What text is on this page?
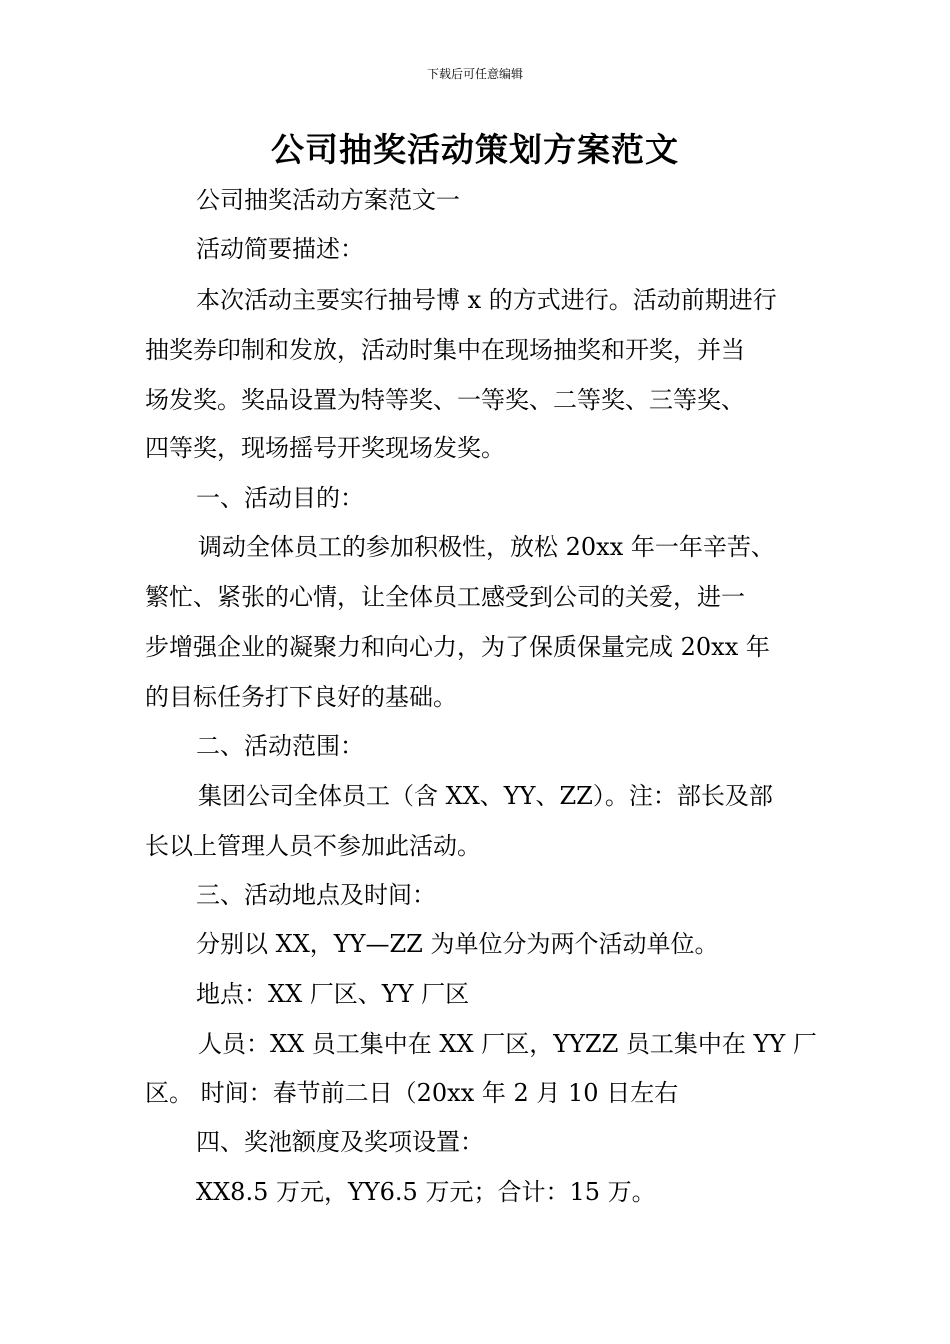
下载后可任意编辑
公司抽奖活动策划方案范文

公司抽奖活动方案范文一

活动简要描述：

本次活动主要实行抽号博 x 的方式进行。活动前期进行

抽奖券印制和发放，活动时集中在现场抽奖和开奖，并当

场发奖。奖品设置为特等奖、一等奖、二等奖、三等奖、

四等奖，现场摇号开奖现场发奖。

一、活动目的：

调动全体员工的参加积极性，放松 20xx 年一年辛苦、

繁忙、紧张的心情，让全体员工感受到公司的关爱，进一

步增强企业的凝聚力和向心力，为了保质保量完成 20xx 年

的目标任务打下良好的基础。

二、活动范围：

集团公司全体员工（含 XX、YY、ZZ）。注：部长及部

长以上管理人员不参加此活动。

三、活动地点及时间：

分别以 XX，YY—ZZ 为单位分为两个活动单位。

地点：XX 厂区、YY 厂区

人员：XX 员工集中在 XX 厂区，YYZZ 员工集中在 YY 厂

区。 时间：春节前二日（20xx 年 2 月 10 日左右

四、奖池额度及奖项设置：

XX8.5 万元，YY6.5 万元；合计：15 万。
